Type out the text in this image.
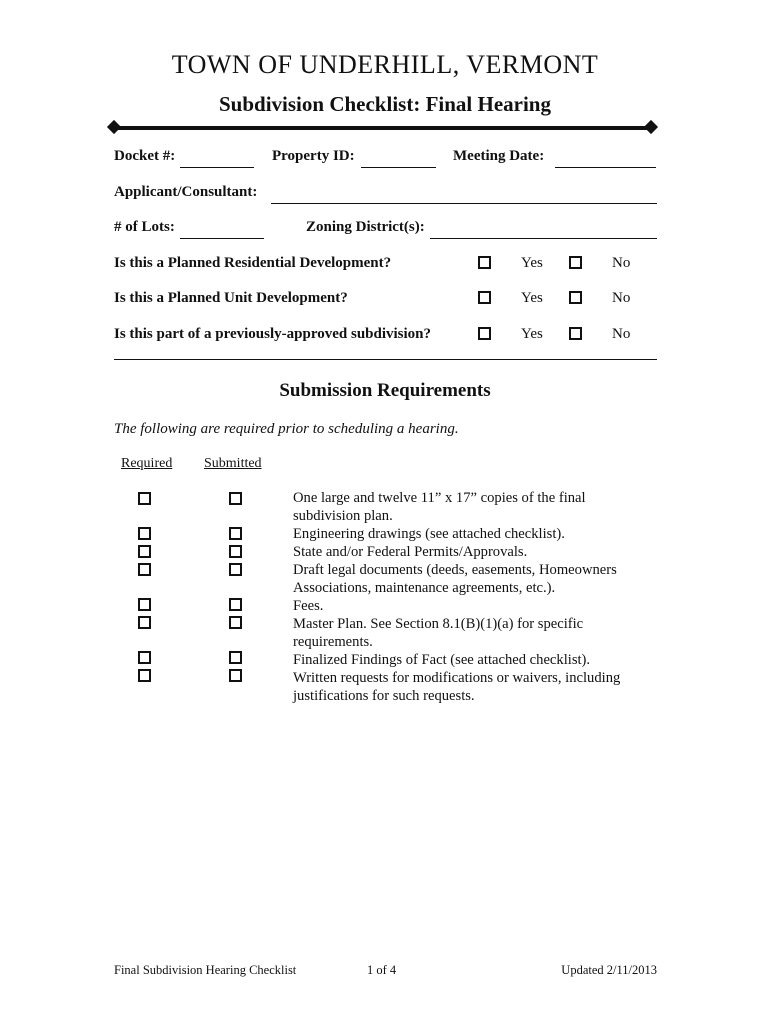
TOWN OF UNDERHILL, VERMONT
Subdivision Checklist: Final Hearing
Docket #:	Property ID:	Meeting Date:
Applicant/Consultant:
# of Lots:	Zoning District(s):
Is this a Planned Residential Development?	Yes	No
Is this a Planned Unit Development?	Yes	No
Is this part of a previously-approved subdivision?	Yes	No
Submission Requirements
The following are required prior to scheduling a hearing.
Required Submitted
One large and twelve 11” x 17” copies of the final subdivision plan.
Engineering drawings (see attached checklist).
State and/or Federal Permits/Approvals.
Draft legal documents (deeds, easements, Homeowners Associations, maintenance agreements, etc.).
Fees.
Master Plan. See Section 8.1(B)(1)(a) for specific requirements.
Finalized Findings of Fact (see attached checklist).
Written requests for modifications or waivers, including justifications for such requests.
Final Subdivision Hearing Checklist	1 of 4	Updated 2/11/2013
